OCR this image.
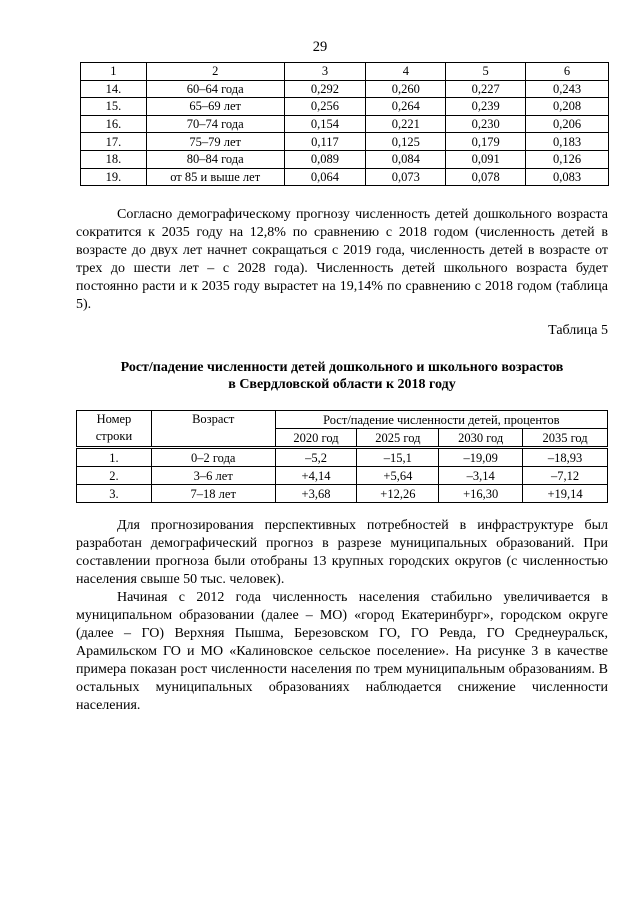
29
1	2	3	4	5	6
14.	60–64 года	0,292	0,260	0,227	0,243
15.	65–69 лет	0,256	0,264	0,239	0,208
16.	70–74 года	0,154	0,221	0,230	0,206
17.	75–79 лет	0,117	0,125	0,179	0,183
18.	80–84 года	0,089	0,084	0,091	0,126
19.	от 85 и выше лет	0,064	0,073	0,078	0,083

Согласно демографическому прогнозу численность детей дошкольного возраста сократится к 2035 году на 12,8% по сравнению с 2018 годом (численность детей в возрасте до двух лет начнет сокращаться с 2019 года, численность детей в возрасте от трех до шести лет – с 2028 года). Численность детей школьного возраста будет постоянно расти и к 2035 году вырастет на 19,14% по сравнению с 2018 годом (таблица 5).

Таблица 5
Рост/падение численности детей дошкольного и школьного возрастов
в Свердловской области к 2018 году
Номер строки	Возраст	Рост/падение численности детей, процентов			
		2020 год	2025 год	2030 год	2035 год
1.	0–2 года	–5,2	–15,1	–19,09	–18,93
2.	3–6 лет	+4,14	+5,64	–3,14	–7,12
3.	7–18 лет	+3,68	+12,26	+16,30	+19,14

Для прогнозирования перспективных потребностей в инфраструктуре был разработан демографический прогноз в разрезе муниципальных образований. При составлении прогноза были отобраны 13 крупных городских округов (с численностью населения свыше 50 тыс. человек).

Начиная с 2012 года численность населения стабильно увеличивается в муниципальном образовании (далее – МО) «город Екатеринбург», городском округе (далее – ГО) Верхняя Пышма, Березовском ГО, ГО Ревда, ГО Среднеуральск, Арамильском ГО и МО «Калиновское сельское поселение». На рисунке 3 в качестве примера показан рост численности населения по трем муниципальным образованиям. В остальных муниципальных образованиях наблюдается снижение численности населения.
